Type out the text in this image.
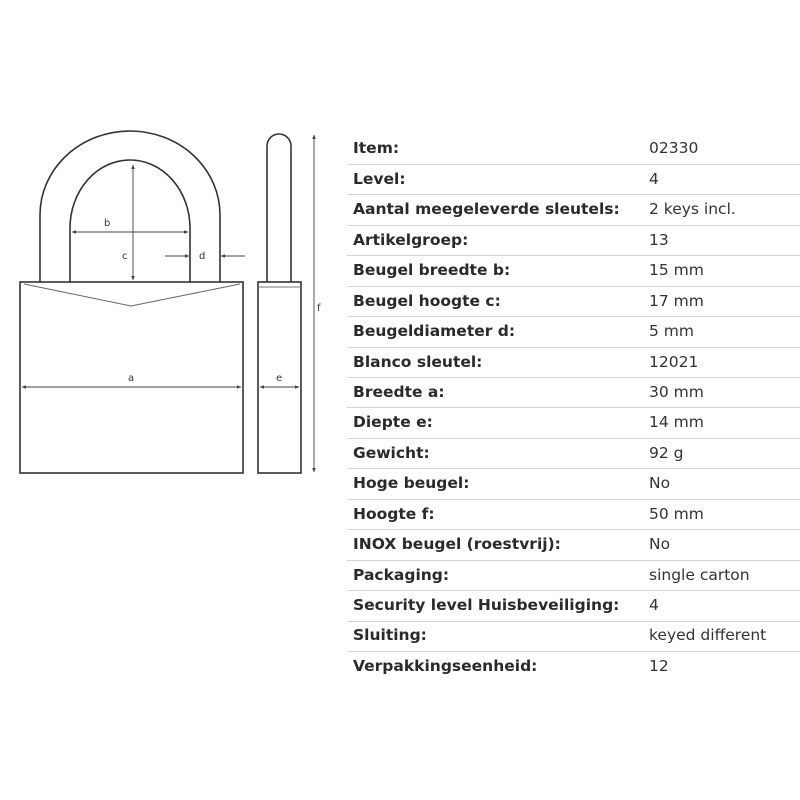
b
c	d
a	e
f
Item:	02330
Level:	4
Aantal meegeleverde sleutels:	2 keys incl.
Artikelgroep:	13
Beugel breedte b:	15 mm
Beugel hoogte c:	17 mm
Beugeldiameter d:	5 mm
Blanco sleutel:	12021
Breedte a:	30 mm
Diepte e:	14 mm
Gewicht:	92 g
Hoge beugel:	No
Hoogte f:	50 mm
INOX beugel (roestvrij):	No
Packaging:	single carton
Security level Huisbeveiliging:	4
Sluiting:	keyed different
Verpakkingseenheid:	12
